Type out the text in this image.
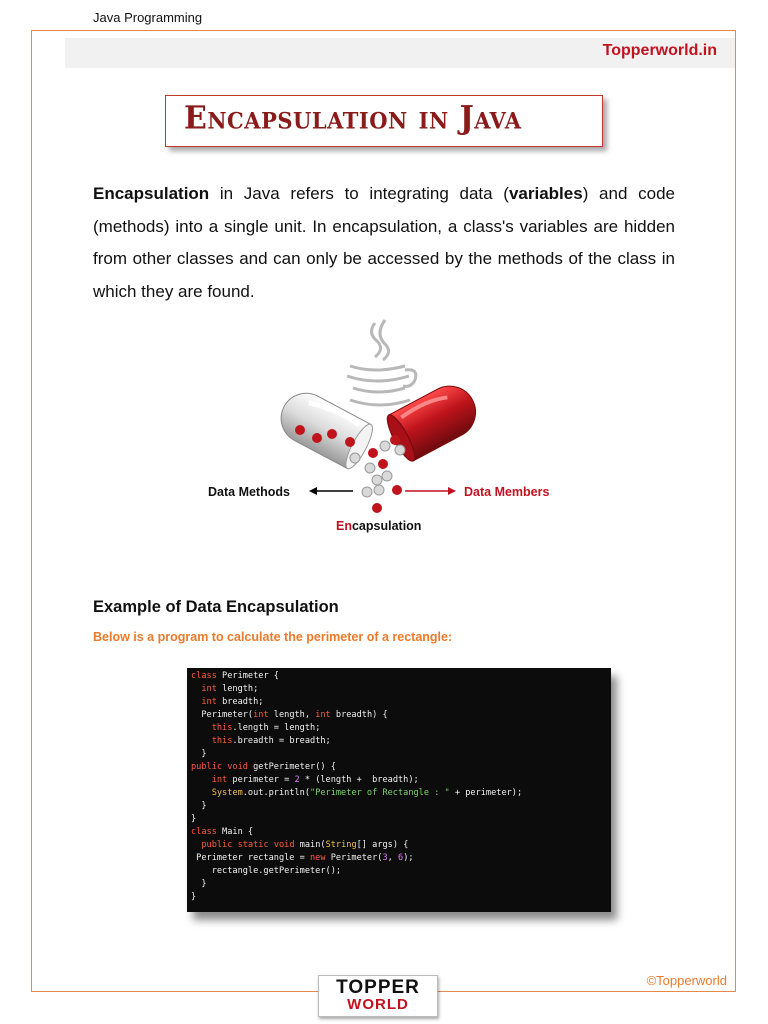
Java Programming
Topperworld.in
Encapsulation in Java

Encapsulation in Java refers to integrating data (variables) and code (methods) into a single unit. In encapsulation, a class's variables are hidden from other classes and can only be accessed by the methods of the class in which they are found.

Data Methods	Data Members
Encapsulation
Example of Data Encapsulation
Below is a program to calculate the perimeter of a rectangle:
class Perimeter {
int length;
int breadth;
Perimeter(int length, int breadth) {
this.length = length;
this.breadth = breadth;
}
public void getPerimeter() {
int perimeter = 2 * (length +  breadth);
System.out.println("Perimeter of Rectangle : " + perimeter);
}
}
class Main {
public static void main(String[] args) {
Perimeter rectangle = new Perimeter(3, 6);
rectangle.getPerimeter();
}
}
©Topperworld
TOPPER
WORLD
